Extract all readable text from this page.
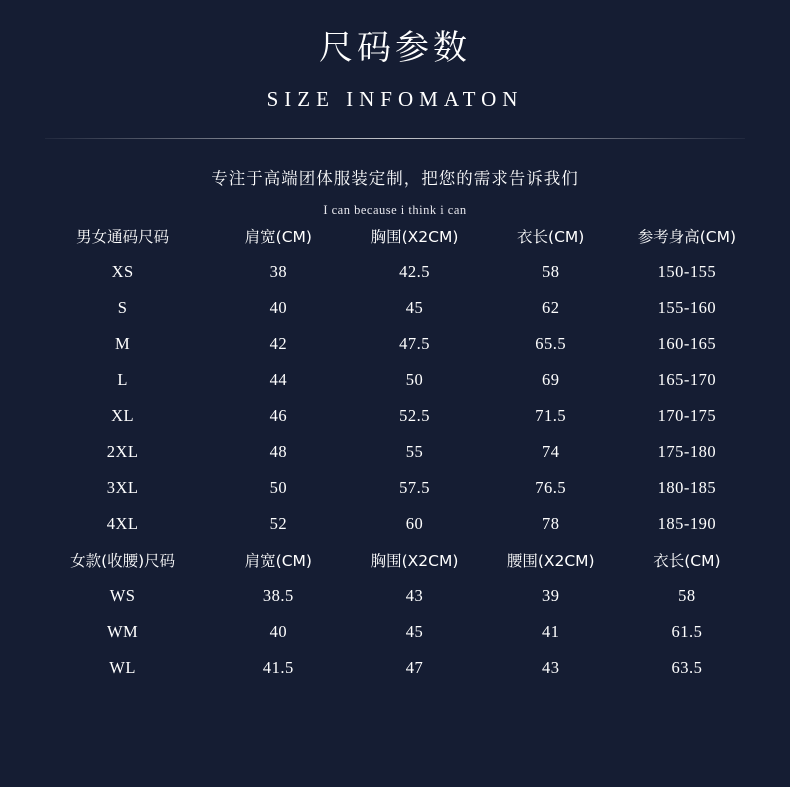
尺码参数
SIZE INFOMATON

专注于高端团体服装定制，把您的需求告诉我们

I can because i think i can

男女通码尺码	肩宽(CM)	胸围(X2CM)	衣长(CM)	参考身高(CM)
XS	38	42.5	58	150-155
S	40	45	62	155-160
M	42	47.5	65.5	160-165
L	44	50	69	165-170
XL	46	52.5	71.5	170-175
2XL	48	55	74	175-180
3XL	50	57.5	76.5	180-185
4XL	52	60	78	185-190
女款(收腰)尺码	肩宽(CM)	胸围(X2CM)	腰围(X2CM)	衣长(CM)
WS	38.5	43	39	58
WM	40	45	41	61.5
WL	41.5	47	43	63.5
